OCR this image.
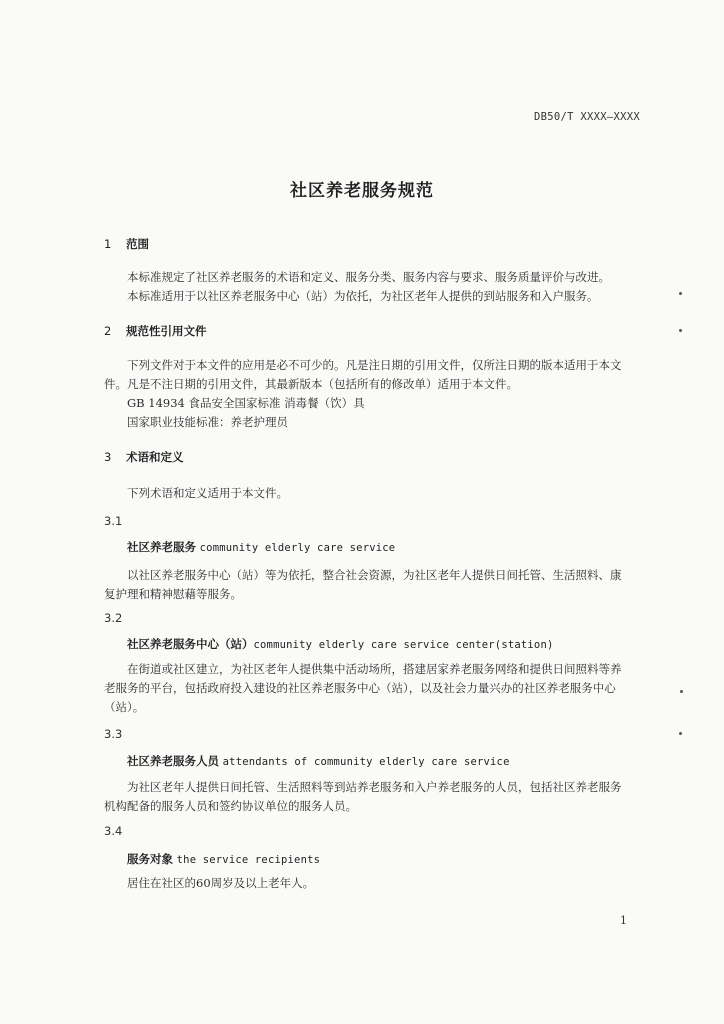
DB50/T XXXX—XXXX
社区养老服务规范
1 范围
本标准规定了社区养老服务的术语和定义、服务分类、服务内容与要求、服务质量评价与改进。
本标准适用于以社区养老服务中心（站）为依托，为社区老年人提供的到站服务和入户服务。
2 规范性引用文件
下列文件对于本文件的应用是必不可少的。凡是注日期的引用文件，仅所注日期的版本适用于本文
件。凡是不注日期的引用文件，其最新版本（包括所有的修改单）适用于本文件。
GB 14934 食品安全国家标准 消毒餐（饮）具
国家职业技能标准：养老护理员
3 术语和定义
下列术语和定义适用于本文件。
3.1
社区养老服务 community elderly care service
以社区养老服务中心（站）等为依托，整合社会资源，为社区老年人提供日间托管、生活照料、康
复护理和精神慰藉等服务。
3.2
社区养老服务中心（站）community elderly care service center(station)
在街道或社区建立，为社区老年人提供集中活动场所，搭建居家养老服务网络和提供日间照料等养
老服务的平台，包括政府投入建设的社区养老服务中心（站），以及社会力量兴办的社区养老服务中心
（站）。
3.3
社区养老服务人员 attendants of community elderly care service
为社区老年人提供日间托管、生活照料等到站养老服务和入户养老服务的人员，包括社区养老服务
机构配备的服务人员和签约协议单位的服务人员。
3.4
服务对象 the service recipients
居住在社区的60周岁及以上老年人。
1
